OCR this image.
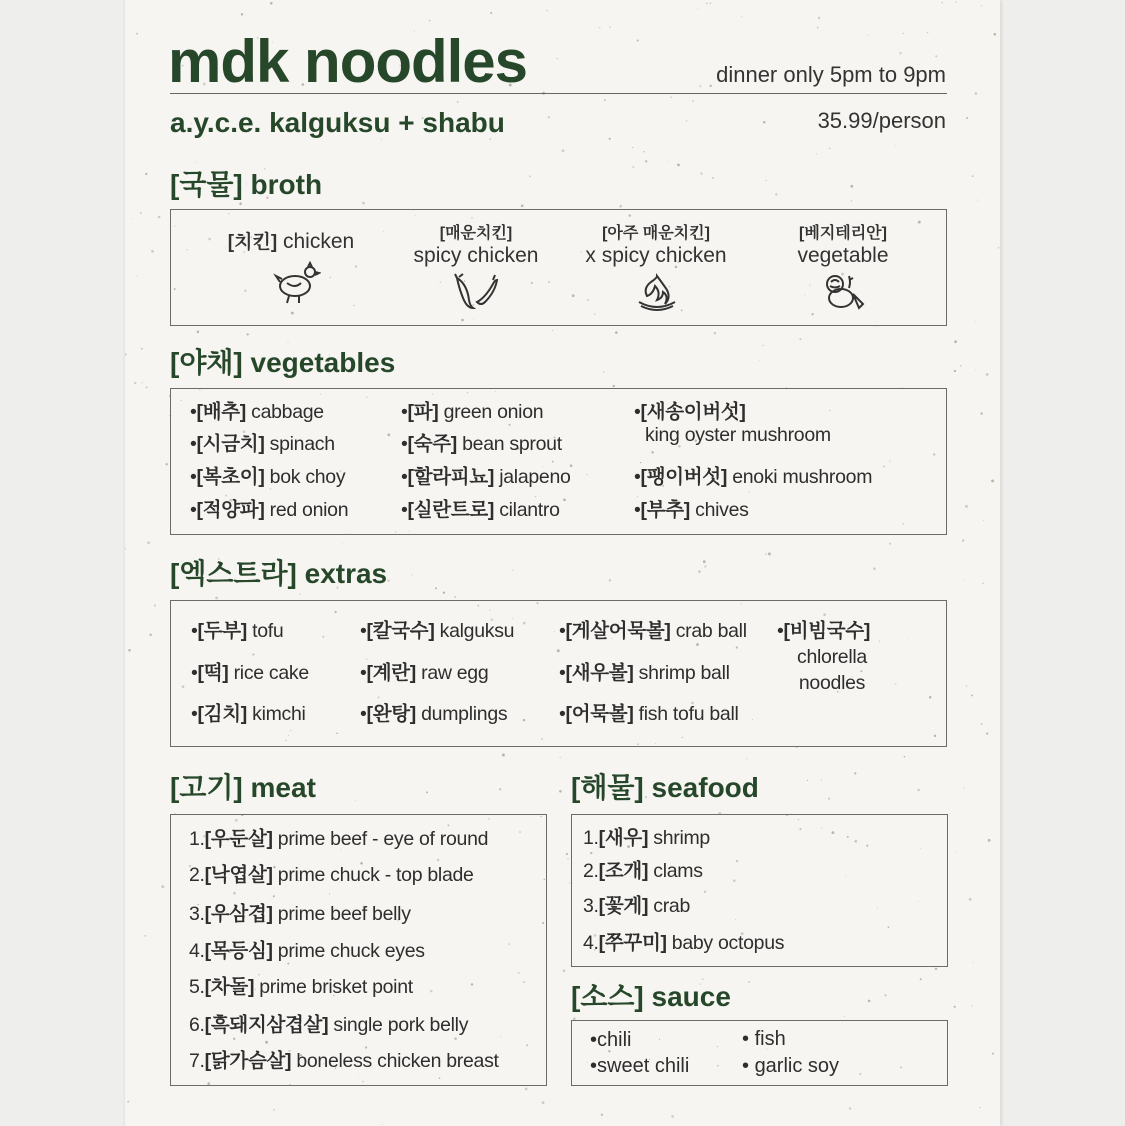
mdk noodles	dinner only 5pm to 9pm
a.y.c.e. kalguksu + shabu	35.99/person
[국물] broth
[치킨] chicken	[매운치킨]
spicy chicken
[아주 매운치킨]
x spicy chicken
[베지테리안]
vegetable
[야채] vegetables
•[배추] cabbage
•[시금치] spinach
•[복초이] bok choy
•[적양파] red onion
•[파] green onion
•[숙주] bean sprout
•[할라피뇨] jalapeno
•[실란트로] cilantro
•[새송이버섯]
king oyster mushroom
•[팽이버섯] enoki mushroom
•[부추] chives
[엑스트라] extras
•[두부] tofu
•[떡] rice cake
•[김치] kimchi
•[칼국수] kalguksu
•[계란] raw egg
•[완탕] dumplings
•[게살어묵볼] crab ball
•[새우볼] shrimp ball
•[어묵볼] fish tofu ball
•[비빔국수]
chlorella
noodles
[고기] meat
1.[우둔살] prime beef - eye of round
2.[낙엽살] prime chuck - top blade
3.[우삼겹] prime beef belly
4.[목등심] prime chuck eyes
5.[차돌] prime brisket point
6.[흑돼지삼겹살] single pork belly
7.[닭가슴살] boneless chicken breast
[해물] seafood
1.[새우] shrimp
2.[조개] clams
3.[꽃게] crab
4.[쭈꾸미] baby octopus
[소스] sauce
•chili
•sweet chili
• fish
• garlic soy
